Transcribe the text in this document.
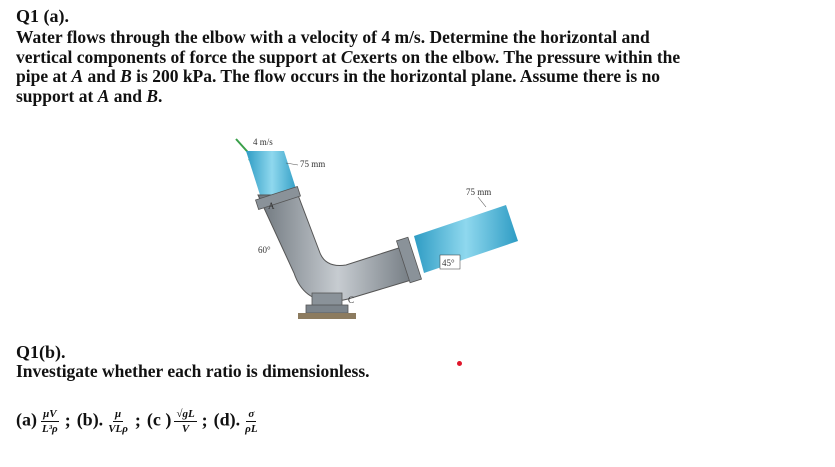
Q1 (a).
Water flows through the elbow with a velocity of 4 m/s. Determine the horizontal and
vertical components of force the support at Cexerts on the elbow. The pressure within the
pipe at A and B is 200 kPa. The flow occurs in the horizontal plane. Assume there is no
support at A and B.
4 m/s
75 mm
A
60°
75 mm
45°
C
Q1(b).
Investigate whether each ratio is dimensionless.
$(a) \frac{\mu V}{\text{L³ρ}}$ ; (b). $\frac{\mu}{\text{VLρ}}$ ; (c ) $\frac{√gL}{V}$ ; (d). $\frac{\sigma}{\rho L}$
